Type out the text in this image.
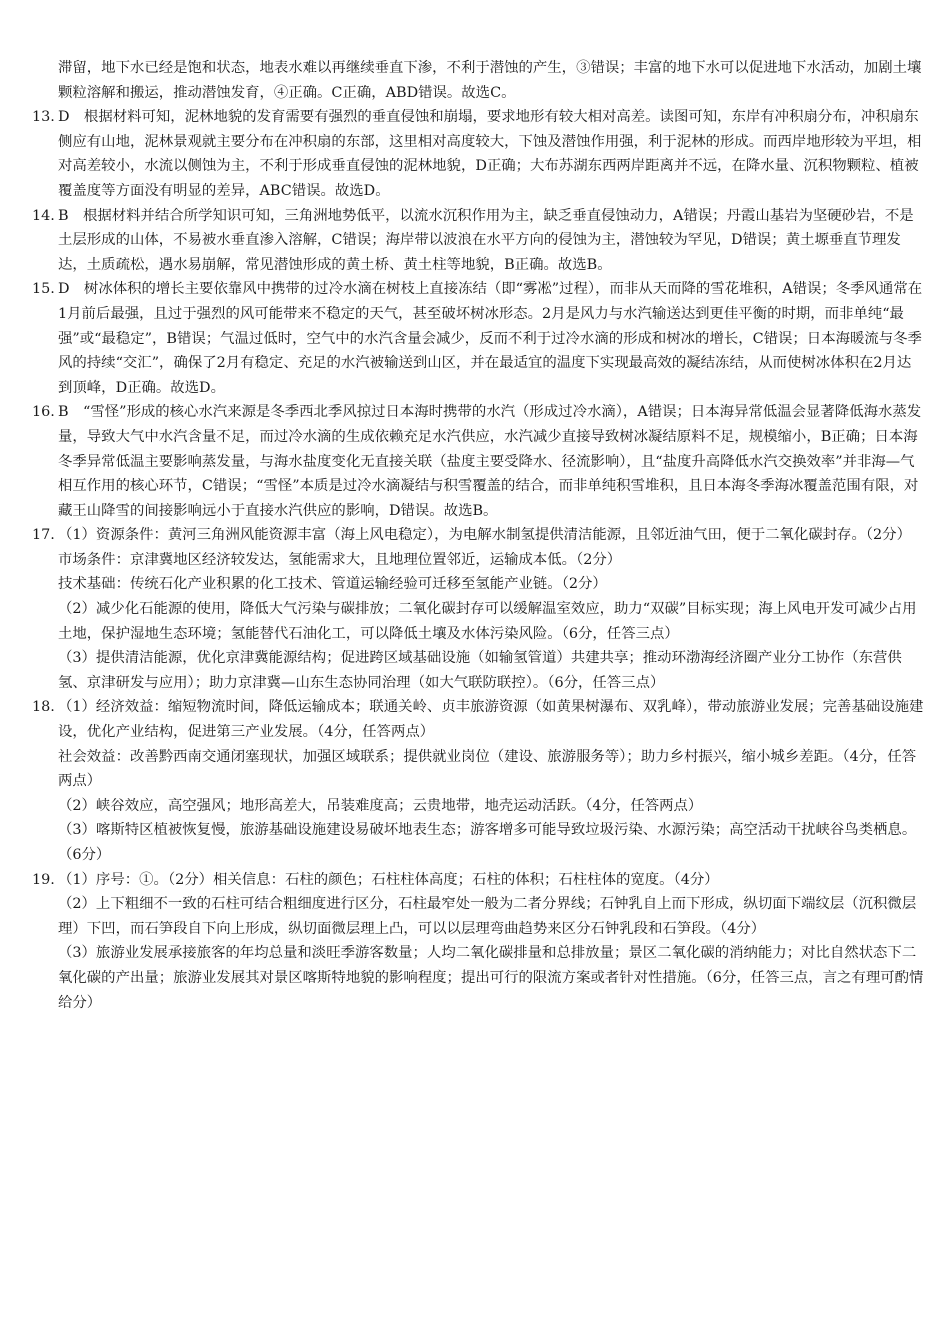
滞留，地下水已经是饱和状态，地表水难以再继续垂直下渗，不利于潜蚀的产生，③错误；丰富的地下水可以促进地下水活动，加剧土壤颗粒溶解和搬运，推动潜蚀发育，④正确。C正确，ABD错误。故选C。

13. D　根据材料可知，泥林地貌的发育需要有强烈的垂直侵蚀和崩塌，要求地形有较大相对高差。读图可知，东岸有冲积扇分布，冲积扇东侧应有山地，泥林景观就主要分布在冲积扇的东部，这里相对高度较大，下蚀及潜蚀作用强，利于泥林的形成。而西岸地形较为平坦，相对高差较小，水流以侧蚀为主，不利于形成垂直侵蚀的泥林地貌，D正确；大布苏湖东西两岸距离并不远，在降水量、沉积物颗粒、植被覆盖度等方面没有明显的差异，ABC错误。故选D。

14. B　根据材料并结合所学知识可知，三角洲地势低平，以流水沉积作用为主，缺乏垂直侵蚀动力，A错误；丹霞山基岩为坚硬砂岩，不是土层形成的山体，不易被水垂直渗入溶解，C错误；海岸带以波浪在水平方向的侵蚀为主，潜蚀较为罕见，D错误；黄土塬垂直节理发达，土质疏松，遇水易崩解，常见潜蚀形成的黄土桥、黄土柱等地貌，B正确。故选B。

15. D　树冰体积的增长主要依靠风中携带的过冷水滴在树枝上直接冻结（即“雾凇”过程），而非从天而降的雪花堆积，A错误；冬季风通常在1月前后最强，且过于强烈的风可能带来不稳定的天气，甚至破坏树冰形态。2月是风力与水汽输送达到更佳平衡的时期，而非单纯“最强”或“最稳定”，B错误；气温过低时，空气中的水汽含量会减少，反而不利于过冷水滴的形成和树冰的增长，C错误；日本海暖流与冬季风的持续“交汇”，确保了2月有稳定、充足的水汽被输送到山区，并在最适宜的温度下实现最高效的凝结冻结，从而使树冰体积在2月达到顶峰，D正确。故选D。

16. B　“雪怪”形成的核心水汽来源是冬季西北季风掠过日本海时携带的水汽（形成过冷水滴），A错误；日本海异常低温会显著降低海水蒸发量，导致大气中水汽含量不足，而过冷水滴的生成依赖充足水汽供应，水汽减少直接导致树冰凝结原料不足，规模缩小，B正确；日本海冬季异常低温主要影响蒸发量，与海水盐度变化无直接关联（盐度主要受降水、径流影响），且“盐度升高降低水汽交换效率”并非海—气相互作用的核心环节，C错误；“雪怪”本质是过冷水滴凝结与积雪覆盖的结合，而非单纯积雪堆积，且日本海冬季海冰覆盖范围有限，对藏王山降雪的间接影响远小于直接水汽供应的影响，D错误。故选B。

17. （1）资源条件：黄河三角洲风能资源丰富（海上风电稳定），为电解水制氢提供清洁能源，且邻近油气田，便于二氧化碳封存。（2分）

市场条件：京津冀地区经济较发达，氢能需求大，且地理位置邻近，运输成本低。（2分）

技术基础：传统石化产业积累的化工技术、管道运输经验可迁移至氢能产业链。（2分）

（2）减少化石能源的使用，降低大气污染与碳排放；二氧化碳封存可以缓解温室效应，助力“双碳”目标实现；海上风电开发可减少占用土地，保护湿地生态环境；氢能替代石油化工，可以降低土壤及水体污染风险。（6分，任答三点）

（3）提供清洁能源，优化京津冀能源结构；促进跨区域基础设施（如输氢管道）共建共享；推动环渤海经济圈产业分工协作（东营供氢、京津研发与应用）；助力京津冀—山东生态协同治理（如大气联防联控）。（6分，任答三点）

18. （1）经济效益：缩短物流时间，降低运输成本；联通关岭、贞丰旅游资源（如黄果树瀑布、双乳峰），带动旅游业发展；完善基础设施建设，优化产业结构，促进第三产业发展。（4分，任答两点）

社会效益：改善黔西南交通闭塞现状，加强区域联系；提供就业岗位（建设、旅游服务等）；助力乡村振兴，缩小城乡差距。（4分，任答两点）

（2）峡谷效应，高空强风；地形高差大，吊装难度高；云贵地带，地壳运动活跃。（4分，任答两点）

（3）喀斯特区植被恢复慢，旅游基础设施建设易破坏地表生态；游客增多可能导致垃圾污染、水源污染；高空活动干扰峡谷鸟类栖息。（6分）

19. （1）序号：①。（2分）相关信息：石柱的颜色；石柱柱体高度；石柱的体积；石柱柱体的宽度。（4分）

（2）上下粗细不一致的石柱可结合粗细度进行区分，石柱最窄处一般为二者分界线；石钟乳自上而下形成，纵切面下端纹层（沉积微层理）下凹，而石笋段自下向上形成，纵切面微层理上凸，可以以层理弯曲趋势来区分石钟乳段和石笋段。（4分）

（3）旅游业发展承接旅客的年均总量和淡旺季游客数量；人均二氧化碳排量和总排放量；景区二氧化碳的消纳能力；对比自然状态下二氧化碳的产出量；旅游业发展其对景区喀斯特地貌的影响程度；提出可行的限流方案或者针对性措施。（6分，任答三点，言之有理可酌情给分）
